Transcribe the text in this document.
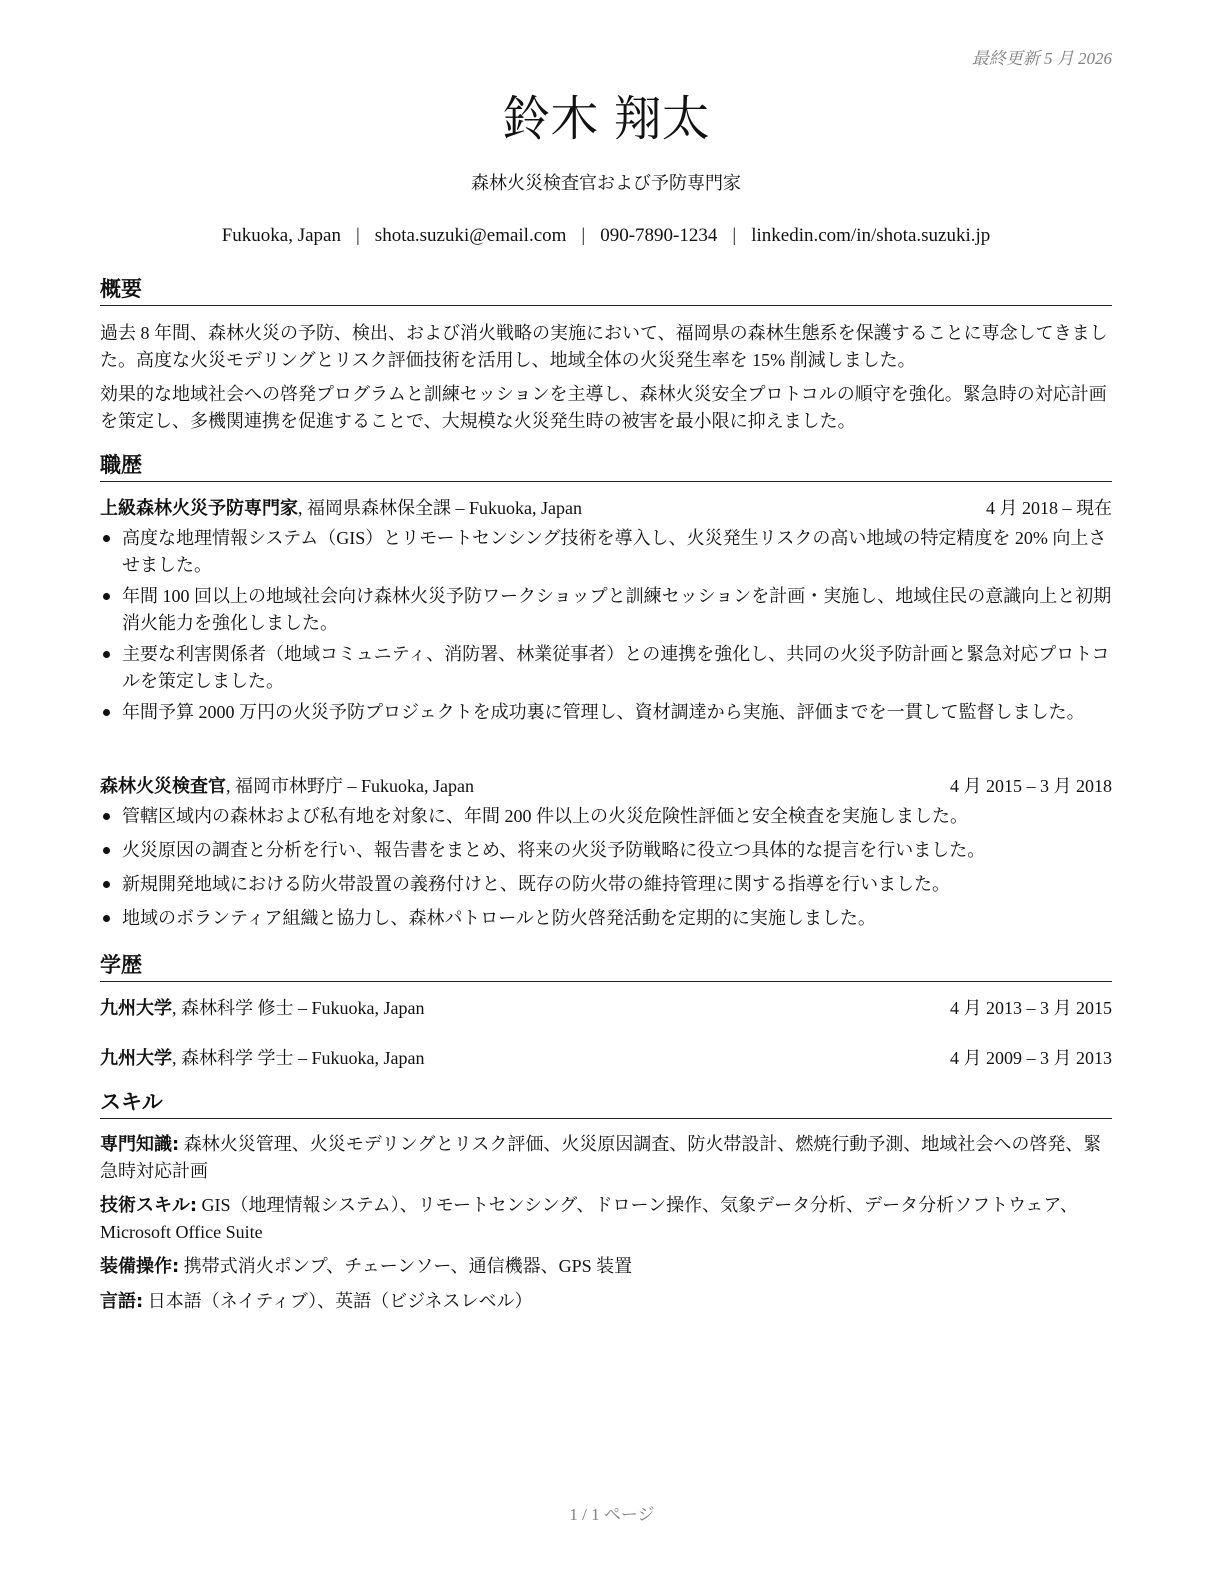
最終更新 5 月 2026
鈴木 翔太
森林火災検査官および予防専門家
Fukuoka, Japan | shota.suzuki@email.com | 090-7890-1234 | linkedin.com/in/shota.suzuki.jp
概要
過去 8 年間、森林火災の予防、検出、および消火戦略の実施において、福岡県の森林生態系を保護することに専念してきました。高度な火災モデリングとリスク評価技術を活用し、地域全体の火災発生率を 15% 削減しました。
効果的な地域社会への啓発プログラムと訓練セッションを主導し、森林火災安全プロトコルの順守を強化。緊急時の対応計画を策定し、多機関連携を促進することで、大規模な火災発生時の被害を最小限に抑えました。
職歴
上級森林火災予防専門家, 福岡県森林保全課 – Fukuoka, Japan	4 月 2018 – 現在
高度な地理情報システム（GIS）とリモートセンシング技術を導入し、火災発生リスクの高い地域の特定精度を 20% 向上させました。
年間 100 回以上の地域社会向け森林火災予防ワークショップと訓練セッションを計画・実施し、地域住民の意識向上と初期消火能力を強化しました。
主要な利害関係者（地域コミュニティ、消防署、林業従事者）との連携を強化し、共同の火災予防計画と緊急対応プロトコルを策定しました。
年間予算 2000 万円の火災予防プロジェクトを成功裏に管理し、資材調達から実施、評価までを一貫して監督しました。
森林火災検査官, 福岡市林野庁 – Fukuoka, Japan	4 月 2015 – 3 月 2018
管轄区域内の森林および私有地を対象に、年間 200 件以上の火災危険性評価と安全検査を実施しました。
火災原因の調査と分析を行い、報告書をまとめ、将来の火災予防戦略に役立つ具体的な提言を行いました。
新規開発地域における防火帯設置の義務付けと、既存の防火帯の維持管理に関する指導を行いました。
地域のボランティア組織と協力し、森林パトロールと防火啓発活動を定期的に実施しました。
学歴
九州大学, 森林科学 修士 – Fukuoka, Japan	4 月 2013 – 3 月 2015
九州大学, 森林科学 学士 – Fukuoka, Japan	4 月 2009 – 3 月 2013
スキル
専門知識: 森林火災管理、火災モデリングとリスク評価、火災原因調査、防火帯設計、燃焼行動予測、地域社会への啓発、緊急時対応計画
技術スキル: GIS（地理情報システム）、リモートセンシング、ドローン操作、気象データ分析、データ分析ソフトウェア、Microsoft Office Suite
装備操作: 携帯式消火ポンプ、チェーンソー、通信機器、GPS 装置
言語: 日本語（ネイティブ）、英語（ビジネスレベル）
1 / 1 ページ
